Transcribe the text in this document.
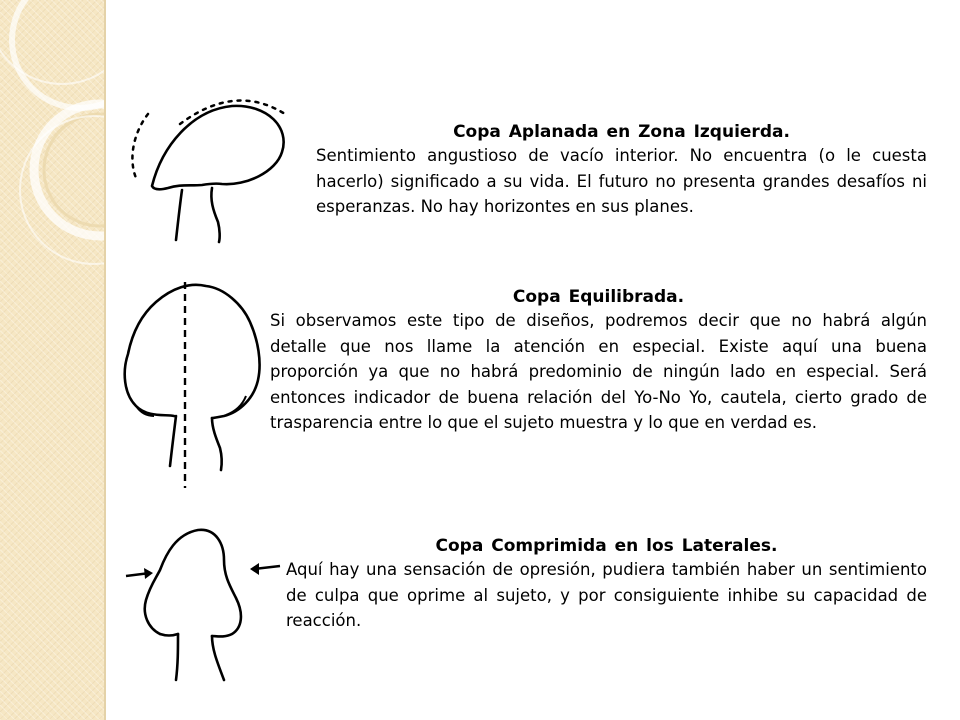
Copa Aplanada en Zona Izquierda.

Sentimiento angustioso de vacío interior. No encuentra (o le cuesta hacerlo) significado a su vida. El futuro no presenta grandes desafíos ni esperanzas. No hay horizontes en sus planes.

Copa Equilibrada.

Si observamos este tipo de diseños, podremos decir que no habrá algún detalle que nos llame la atención en especial. Existe aquí una buena proporción ya que no habrá predominio de ningún lado en especial. Será entonces indicador de buena relación del Yo-No Yo, cautela, cierto grado de trasparencia entre lo que el sujeto muestra y lo que en verdad es.

Copa Comprimida en los Laterales.

Aquí hay una sensación de opresión, pudiera también haber un sentimiento de culpa que oprime al sujeto, y por consiguiente inhibe su capacidad de reacción.
